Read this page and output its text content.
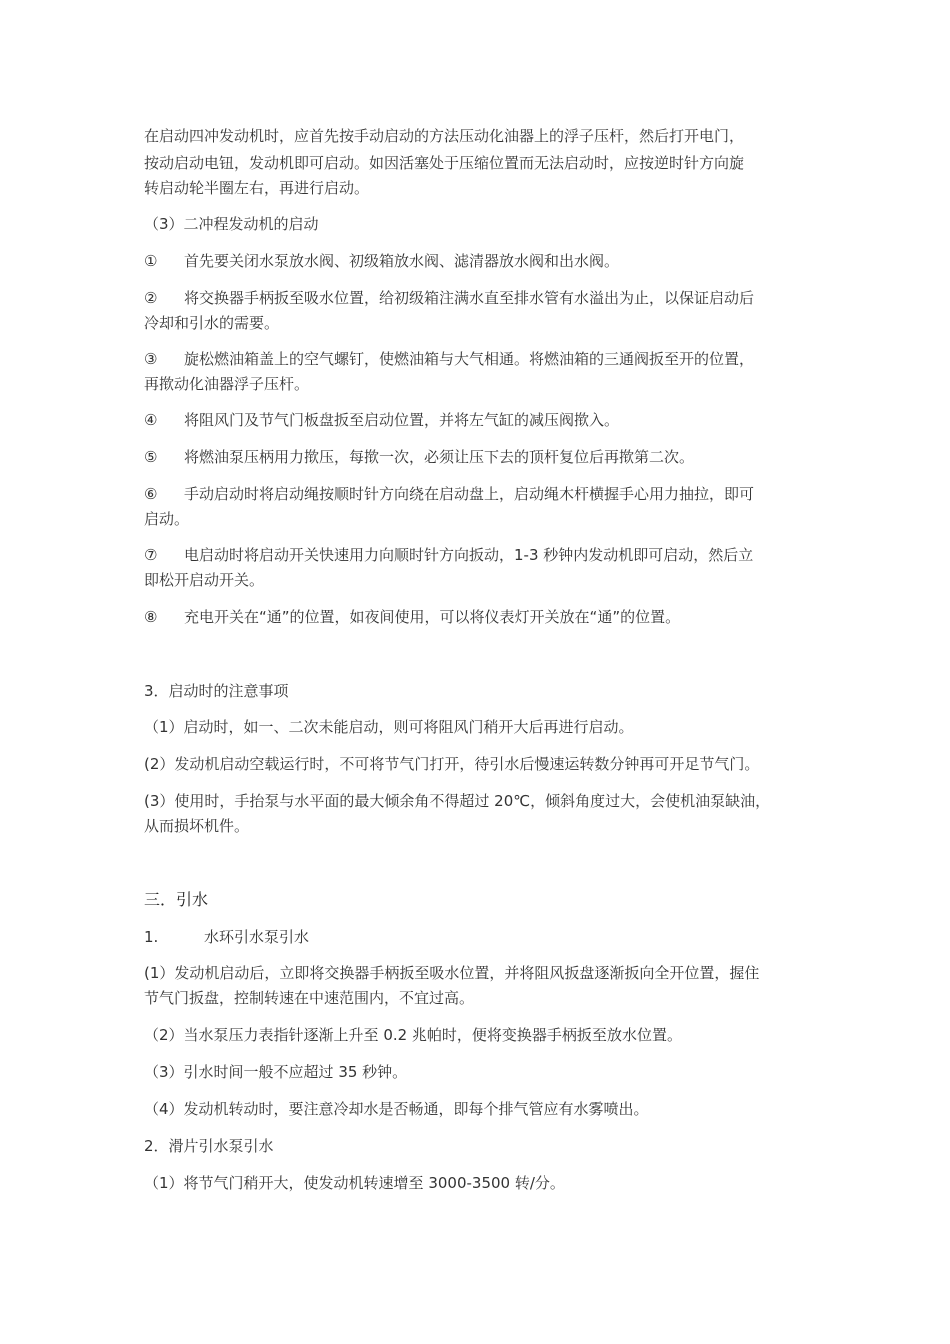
在启动四冲发动机时，应首先按手动启动的方法压动化油器上的浮子压杆，然后打开电门，
按动启动电钮，发动机即可启动。如因活塞处于压缩位置而无法启动时，应按逆时针方向旋
转启动轮半圈左右，再进行启动。
（3）二冲程发动机的启动
① 首先要关闭水泵放水阀、初级箱放水阀、滤清器放水阀和出水阀。
② 将交换器手柄扳至吸水位置，给初级箱注满水直至排水管有水溢出为止，以保证启动后
冷却和引水的需要。
③ 旋松燃油箱盖上的空气螺钉，使燃油箱与大气相通。将燃油箱的三通阀扳至开的位置，
再揿动化油器浮子压杆。
④ 将阻风门及节气门板盘扳至启动位置，并将左气缸的减压阀揿入。
⑤ 将燃油泵压柄用力揿压，每揿一次，必须让压下去的顶杆复位后再揿第二次。
⑥ 手动启动时将启动绳按顺时针方向绕在启动盘上，启动绳木杆横握手心用力抽拉，即可
启动。
⑦ 电启动时将启动开关快速用力向顺时针方向扳动，1-3 秒钟内发动机即可启动，然后立
即松开启动开关。
⑧ 充电开关在“通”的位置，如夜间使用，可以将仪表灯开关放在“通”的位置。
3．启动时的注意事项
（1）启动时，如一、二次未能启动，则可将阻风门稍开大后再进行启动。
(2）发动机启动空载运行时，不可将节气门打开，待引水后慢速运转数分钟再可开足节气门。
(3）使用时，手抬泵与水平面的最大倾余角不得超过 20℃，倾斜角度过大，会使机油泵缺油，
从而损坏机件。
三．引水
1.	水环引水泵引水
(1）发动机启动后，立即将交换器手柄扳至吸水位置，并将阻风扳盘逐渐扳向全开位置，握住
节气门扳盘，控制转速在中速范围内，不宜过高。
（2）当水泵压力表指针逐渐上升至 0.2 兆帕时，便将变换器手柄扳至放水位置。
（3）引水时间一般不应超过 35 秒钟。
（4）发动机转动时，要注意冷却水是否畅通，即每个排气管应有水雾喷出。
2．滑片引水泵引水
（1）将节气门稍开大，使发动机转速增至 3000-3500 转/分。
